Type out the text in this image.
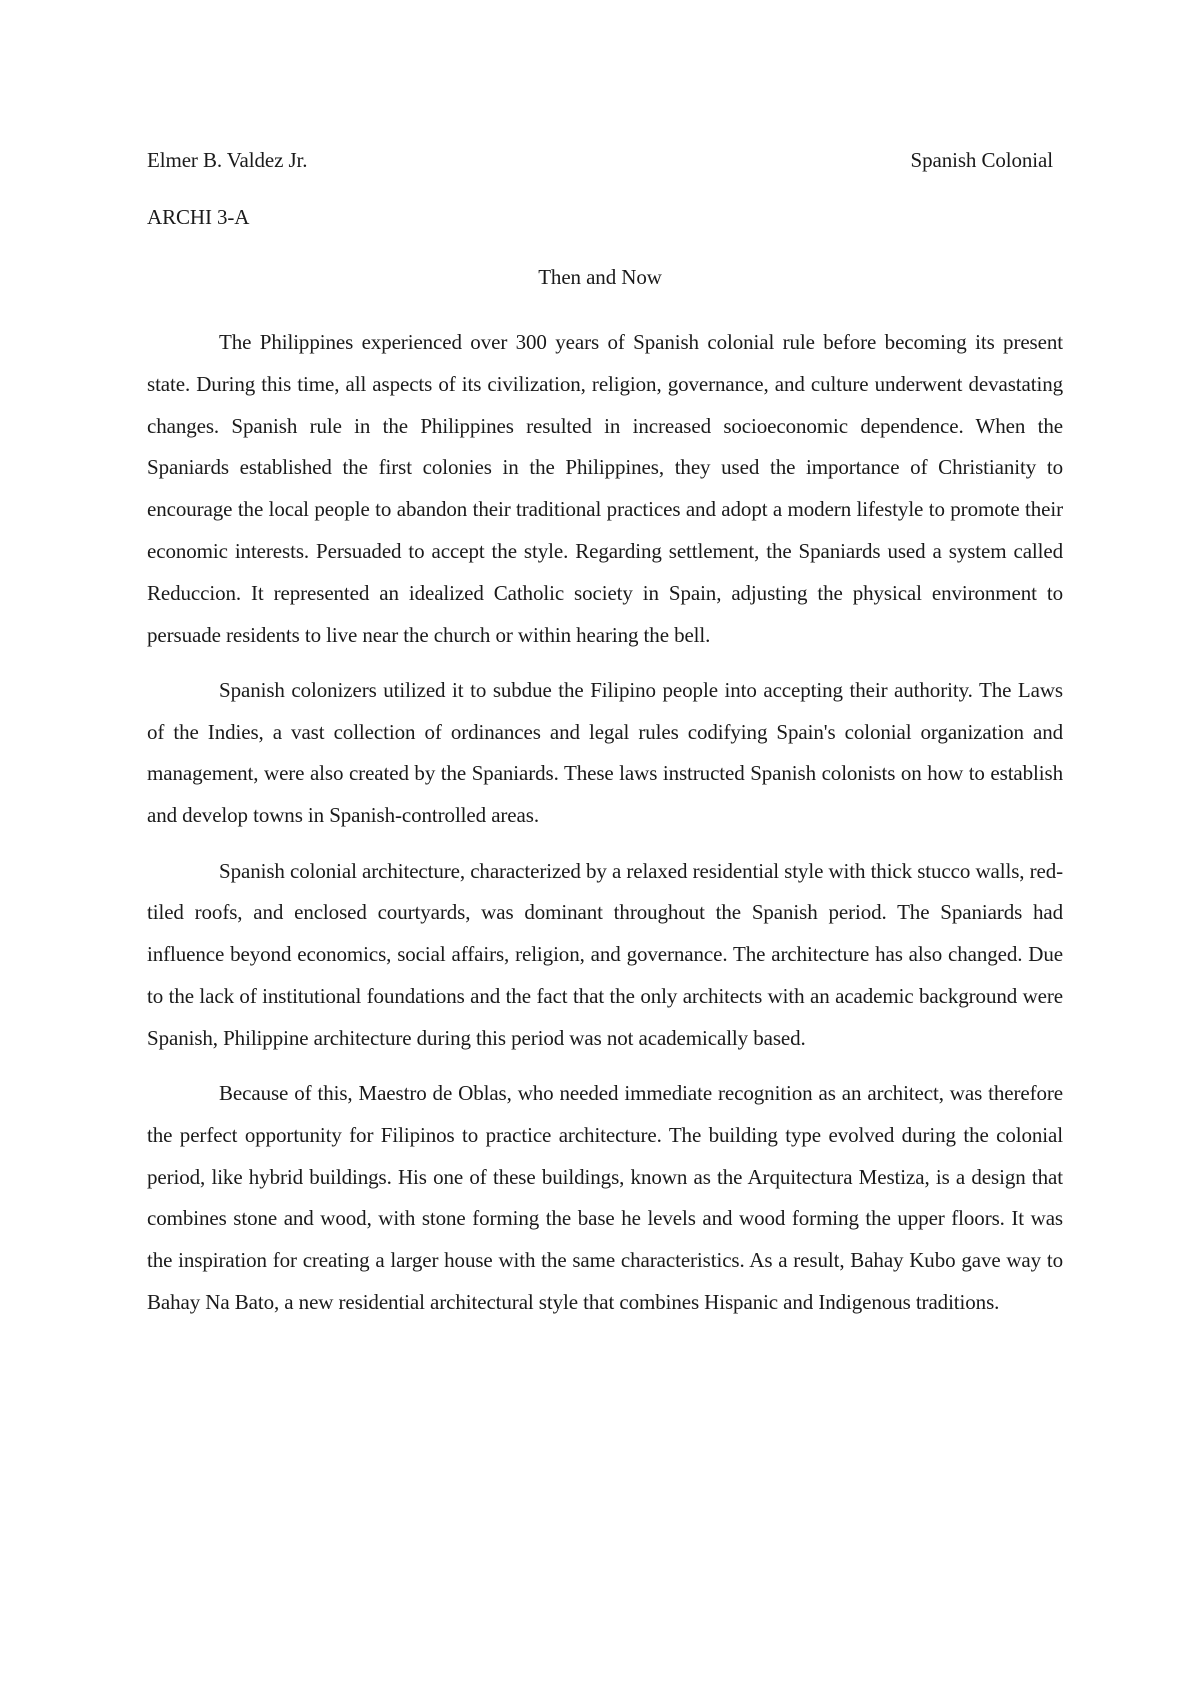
Elmer B. Valdez Jr.	Spanish Colonial
ARCHI 3-A
Then and Now

The Philippines experienced over 300 years of Spanish colonial rule before becoming its present state. During this time, all aspects of its civilization, religion, governance, and culture underwent devastating changes. Spanish rule in the Philippines resulted in increased socioeconomic dependence. When the Spaniards established the first colonies in the Philippines, they used the importance of Christianity to encourage the local people to abandon their traditional practices and adopt a modern lifestyle to promote their economic interests. Persuaded to accept the style. Regarding settlement, the Spaniards used a system called Reduccion. It represented an idealized Catholic society in Spain, adjusting the physical environment to persuade residents to live near the church or within hearing the bell.

Spanish colonizers utilized it to subdue the Filipino people into accepting their authority. The Laws of the Indies, a vast collection of ordinances and legal rules codifying Spain's colonial organization and management, were also created by the Spaniards. These laws instructed Spanish colonists on how to establish and develop towns in Spanish-controlled areas.

Spanish colonial architecture, characterized by a relaxed residential style with thick stucco walls, red-tiled roofs, and enclosed courtyards, was dominant throughout the Spanish period. The Spaniards had influence beyond economics, social affairs, religion, and governance. The architecture has also changed. Due to the lack of institutional foundations and the fact that the only architects with an academic background were Spanish, Philippine architecture during this period was not academically based.

Because of this, Maestro de Oblas, who needed immediate recognition as an architect, was therefore the perfect opportunity for Filipinos to practice architecture. The building type evolved during the colonial period, like hybrid buildings. His one of these buildings, known as the Arquitectura Mestiza, is a design that combines stone and wood, with stone forming the base he levels and wood forming the upper floors. It was the inspiration for creating a larger house with the same characteristics. As a result, Bahay Kubo gave way to Bahay Na Bato, a new residential architectural style that combines Hispanic and Indigenous traditions.
